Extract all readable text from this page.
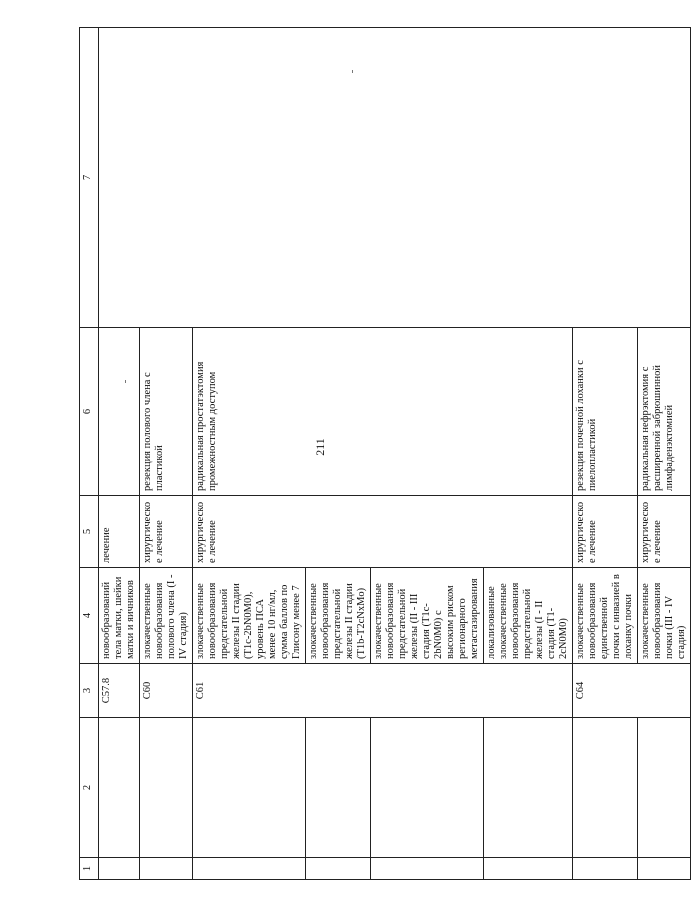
211
1	2	3	4	5	6	7
		C57.8	новообразований тела матки, шейки матки и яичников	лечение		
		C60	злокачественные новообразования полового члена (I - IV стадия)	хирургическое лечение	резекция полового члена с пластикой	
		C61	злокачественные новообразования предстательной железы II стадии (T1c-2bN0M0), уровень ПСА менее 10 нг/мл, сумма баллов по Глисону менее 7	хирургическое лечение	радикальная простатэктомия промежностным доступом	
			злокачественные новообразования предстательной железы II стадии (T1b-T2cNxMo)			
			злокачественные новообразования предстательной железы (II - III стадия (T1c-2bN0M0) с высоким риском регионарного метастазирования			
			локализованные злокачественные новообразования предстательной железы (I - II стадия (T1-2cN0M0)			
		C64	злокачественные новообразования единственной почки с инвазией в лоханку почки	хирургическое лечение	резекция почечной лоханки с пиелопластикой	
			злокачественные новообразования почки (III - IV стадия)	хирургическое лечение	радикальная нефрэктомия с расширенной забрюшинной лимфаденэктомией	
